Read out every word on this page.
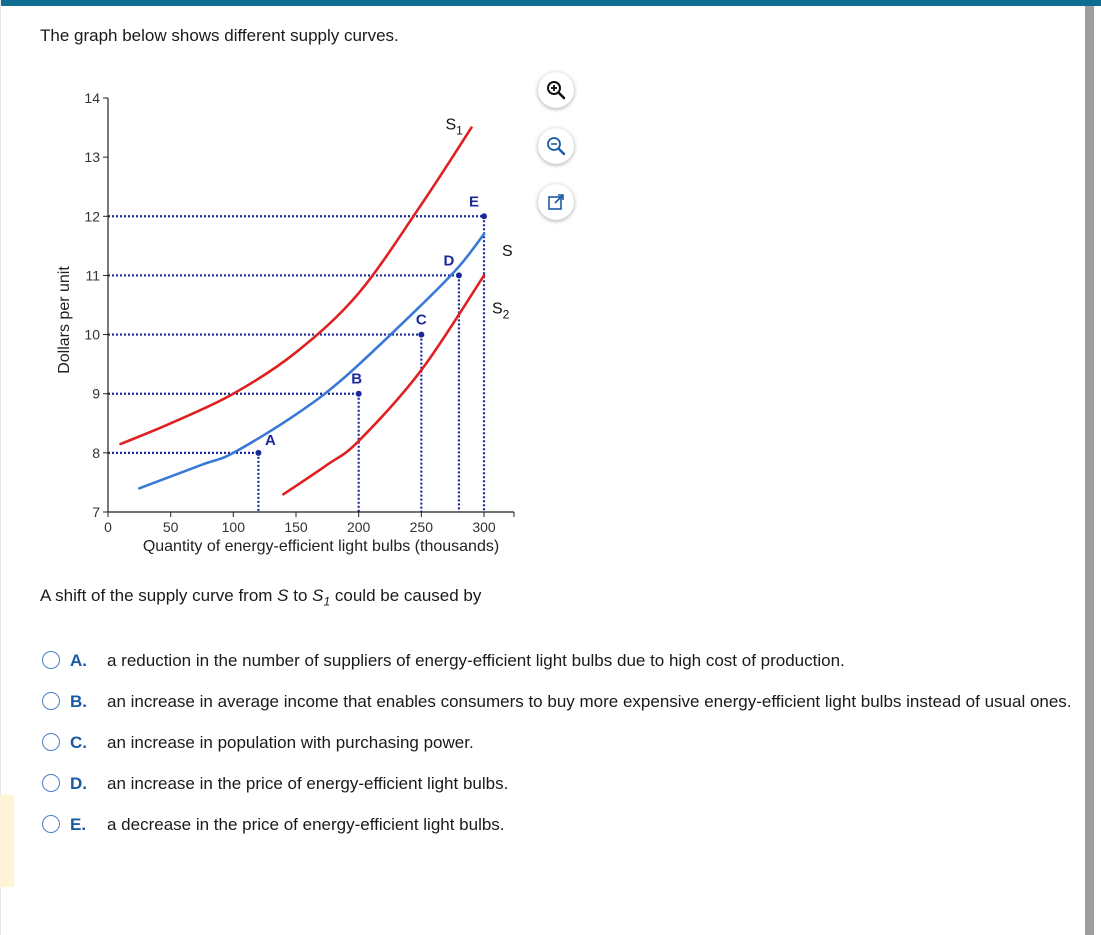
The graph below shows different supply curves.
0	50	100	150	200	250	300
7
8
9
10
11
12
13
14
Quantity of energy-efficient light bulbs (thousands)
Dollars per unit
$S_1$
S
$S_2$
A
B
C
D
E
A shift of the supply curve from S to $S_1$ could be caused by
A. a reduction in the number of suppliers of energy-efficient light bulbs due to high cost of production.
B. an increase in average income that enables consumers to buy more expensive energy-efficient light bulbs instead of usual ones.
C. an increase in population with purchasing power.
D. an increase in the price of energy-efficient light bulbs.
E. a decrease in the price of energy-efficient light bulbs.
